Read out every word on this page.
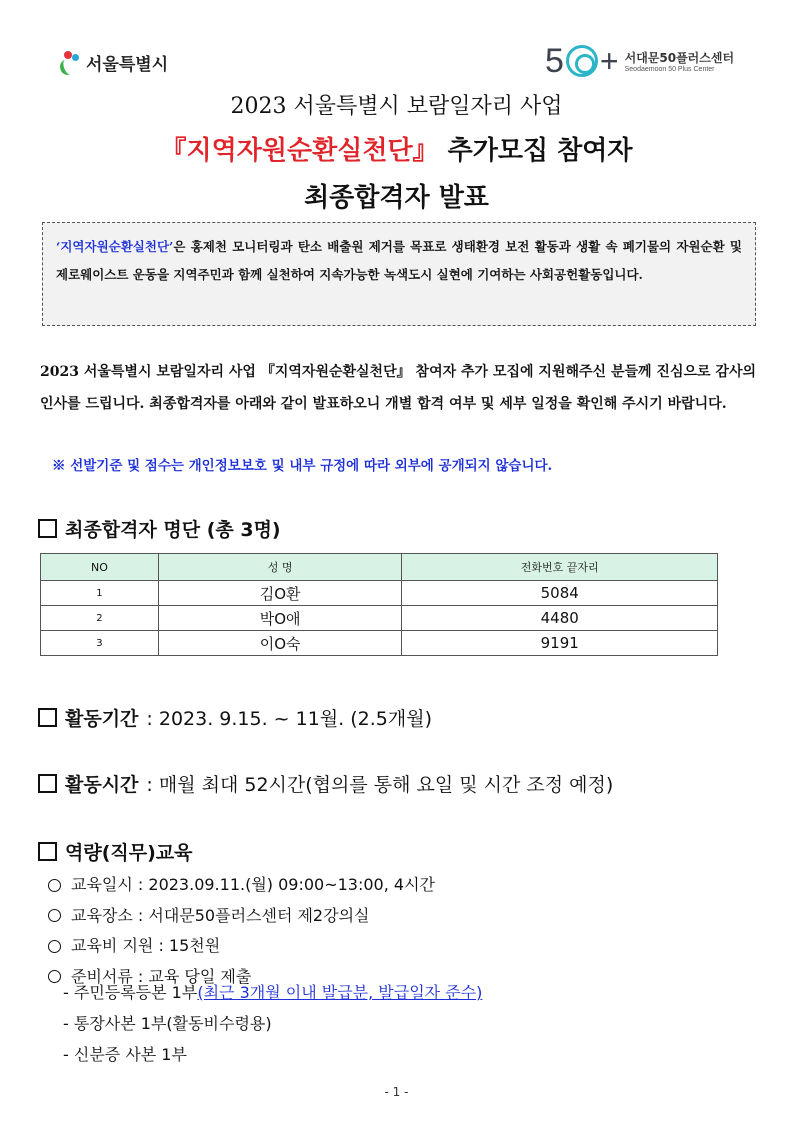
서울특별시	5 + 서대문50플러스센터
Seodaemoon 50 Plus Center
2023 서울특별시 보람일자리 사업
『지역자원순환실천단』 추가모집 참여자
최종합격자 발표
‘지역자원순환실천단’은 홍제천 모니터링과 탄소 배출원 제거를 목표로 생태환경 보전 활동과 생활 속 폐기물의 자원순환 및 제로웨이스트 운동을 지역주민과 함께 실천하여 지속가능한 녹색도시 실현에 기여하는 사회공헌활동입니다.
2023 서울특별시 보람일자리 사업 『지역자원순환실천단』 참여자 추가 모집에 지원해주신 분들께 진심으로 감사의 인사를 드립니다. 최종합격자를 아래와 같이 발표하오니 개별 합격 여부 및 세부 일정을 확인해 주시기 바랍니다.
※ 선발기준 및 점수는 개인정보보호 및 내부 규정에 따라 외부에 공개되지 않습니다.
최종합격자 명단 (총 3명)
NO	성 명	전화번호 끝자리
1	김O환	5084
2	박O애	4480
3	이O숙	9191
활동기간 : 2023. 9.15. ~ 11월. (2.5개월)
활동시간 : 매월 최대 52시간(협의를 통해 요일 및 시간 조정 예정)
역량(직무)교육
교육일시 : 2023.09.11.(월) 09:00~13:00, 4시간
교육장소 : 서대문50플러스센터 제2강의실
교육비 지원 : 15천원
준비서류 : 교육 당일 제출
- 주민등록등본 1부(최근 3개월 이내 발급분, 발급일자 준수)
- 통장사본 1부(활동비수령용)
- 신분증 사본 1부
- 1 -
